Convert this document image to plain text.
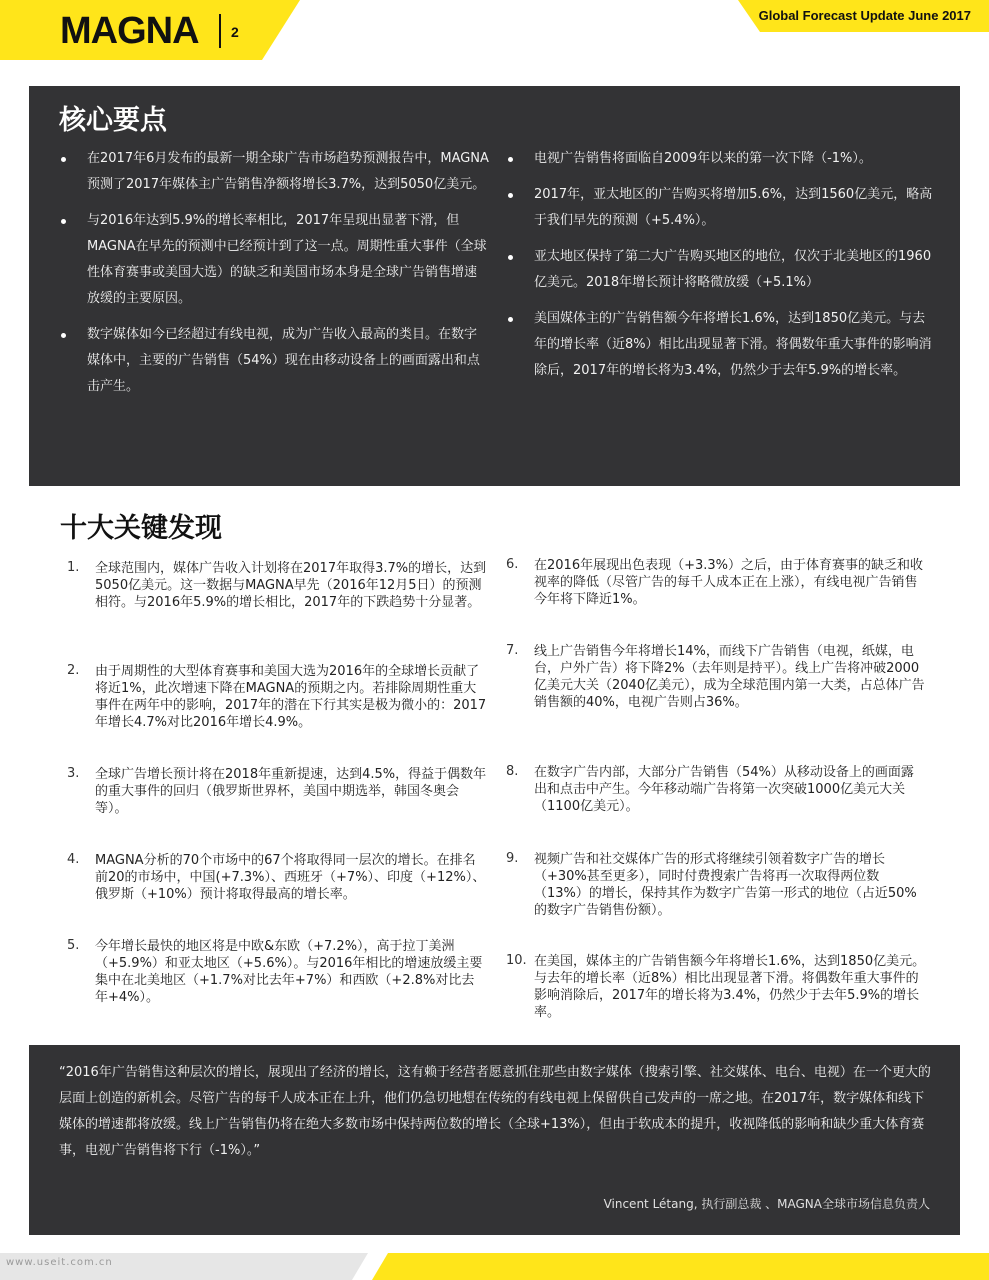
MAGNA 2
Global Forecast Update June 2017
核心要点
在2017年6月发布的最新一期全球广告市场趋势预测报告中，MAGNA预测了2017年媒体主广告销售净额将增长3.7%，达到5050亿美元。
与2016年达到5.9%的增长率相比，2017年呈现出显著下滑，但MAGNA在早先的预测中已经预计到了这一点。周期性重大事件（全球性体育赛事或美国大选）的缺乏和美国市场本身是全球广告销售增速放缓的主要原因。
数字媒体如今已经超过有线电视，成为广告收入最高的类目。在数字媒体中，主要的广告销售（54%）现在由移动设备上的画面露出和点击产生。
电视广告销售将面临自2009年以来的第一次下降（-1%）。
2017年，亚太地区的广告购买将增加5.6%，达到1560亿美元，略高于我们早先的预测（+5.4%）。
亚太地区保持了第二大广告购买地区的地位，仅次于北美地区的1960亿美元。2018年增长预计将略微放缓（+5.1%）
美国媒体主的广告销售额今年将增长1.6%，达到1850亿美元。与去年的增长率（近8%）相比出现显著下滑。将偶数年重大事件的影响消除后，2017年的增长将为3.4%，仍然少于去年5.9%的增长率。
十大关键发现
1.	全球范围内，媒体广告收入计划将在2017年取得3.7%的增长，达到5050亿美元。这一数据与MAGNA早先（2016年12月5日）的预测相符。与2016年5.9%的增长相比，2017年的下跌趋势十分显著。
2.	由于周期性的大型体育赛事和美国大选为2016年的全球增长贡献了将近1%，此次增速下降在MAGNA的预期之内。若排除周期性重大事件在两年中的影响，2017年的潜在下行其实是极为微小的：2017年增长4.7%对比2016年增长4.9%。
3.	全球广告增长预计将在2018年重新提速，达到4.5%，得益于偶数年的重大事件的回归（俄罗斯世界杯，美国中期选举，韩国冬奥会等）。
4.	MAGNA分析的70个市场中的67个将取得同一层次的增长。在排名前20的市场中，中国(+7.3%）、西班牙（+7%）、印度（+12%）、俄罗斯（+10%）预计将取得最高的增长率。
5.	今年增长最快的地区将是中欧&东欧（+7.2%），高于拉丁美洲（+5.9%）和亚太地区（+5.6%）。与2016年相比的增速放缓主要集中在北美地区（+1.7%对比去年+7%）和西欧（+2.8%对比去年+4%）。
6.	在2016年展现出色表现（+3.3%）之后，由于体育赛事的缺乏和收视率的降低（尽管广告的每千人成本正在上涨），有线电视广告销售今年将下降近1%。
7.	线上广告销售今年将增长14%，而线下广告销售（电视，纸媒，电台，户外广告）将下降2%（去年则是持平）。线上广告将冲破2000亿美元大关（2040亿美元），成为全球范围内第一大类，占总体广告销售额的40%，电视广告则占36%。
8.	在数字广告内部，大部分广告销售（54%）从移动设备上的画面露出和点击中产生。今年移动端广告将第一次突破1000亿美元大关（1100亿美元）。
9.	视频广告和社交媒体广告的形式将继续引领着数字广告的增长（+30%甚至更多），同时付费搜索广告将再一次取得两位数（13%）的增长，保持其作为数字广告第一形式的地位（占近50%的数字广告销售份额）。
10. 在美国，媒体主的广告销售额今年将增长1.6%，达到1850亿美元。与去年的增长率（近8%）相比出现显著下滑。将偶数年重大事件的影响消除后，2017年的增长将为3.4%，仍然少于去年5.9%的增长率。
“2016年广告销售这种层次的增长，展现出了经济的增长，这有赖于经营者愿意抓住那些由数字媒体（搜索引擎、社交媒体、电台、电视）在一个更大的层面上创造的新机会。尽管广告的每千人成本正在上升，他们仍急切地想在传统的有线电视上保留供自己发声的一席之地。在2017年，数字媒体和线下媒体的增速都将放缓。线上广告销售仍将在绝大多数市场中保持两位数的增长（全球+13%），但由于软成本的提升，收视降低的影响和缺少重大体育赛事，电视广告销售将下行（-1%）。”
Vincent Létang, 执行副总裁 、MAGNA全球市场信息负责人
www.useit.com.cn
